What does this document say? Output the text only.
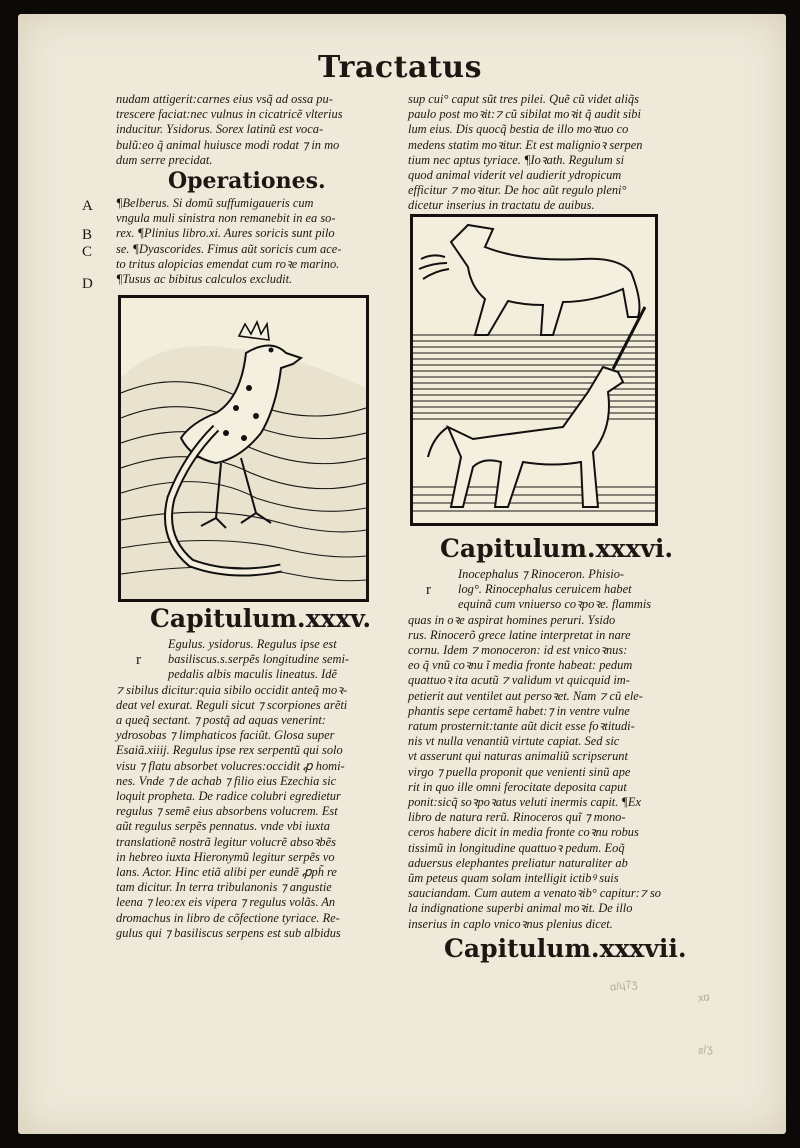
Tractatus

nudam attigerit:carnes eius vsq̃ ad ossa pu-

trescere faciat:nec vulnus in cicatricẽ vlterius

inducitur. Ysidorus. Sorex latinũ est voca-

bulũ:eo q̃ animal huiusce modi rodat ⁊ in mo

dum serre precidat.

Operationes.
A
B
C
D

¶Belberus. Si domũ suffumigaueris cum

vngula muli sinistra non remanebit in ea so-

rex. ¶Plinius libro.xi. Aures soricis sunt pilo

se. ¶Dyascorides. Fimus aũt soricis cum ace-

to tritus alopicias emendat cum roꝛe marino.

¶Tusus ac bibitus calculos excludit.

Capitulum.xxxv.
r

Egulus. ysidorus. Regulus ipse est

basiliscus.s.serpẽs longitudine semi-

pedalis albis maculis lineatus. Idẽ

⁊ sibilus dicitur:quia sibilo occidit anteq̃ moꝛ-

deat vel exurat. Reguli sicut ⁊ scorpiones arẽti

a queq̃ sectant. ⁊ postq̃ ad aquas venerint:

ydrosobas ⁊ limphaticos faciũt. Glosa super

Esaiã.xiiij. Regulus ipse rex serpentũ qui solo

visu ⁊ flatu absorbet volucres:occidit ꝓ homi-

nes. Vnde ⁊ de achab ⁊ filio eius Ezechia sic

loquit propheta. De radice colubri egredietur

regulus ⁊ semẽ eius absorbens volucrem. Est

aũt regulus serpẽs pennatus. vnde vbi iuxta

translationẽ nostrã legitur volucrẽ absoꝛbẽs

in hebreo iuxta Hieronymũ legitur serpẽs vo

lans. Actor. Hinc etiã alibi per eundẽ ꝓph̃ re

tam dicitur. In terra tribulanonis ⁊ angustie

leena ⁊ leo:ex eis vipera ⁊ regulus volãs. An

dromachus in libro de cõfectione tyriace. Re-

gulus qui ⁊ basiliscus serpens est sub albidus

sup cui° caput sũt tres pilei. Quẽ cũ videt aliq̃s

paulo post moꝛit:⁊ cũ sibilat moꝛit q̃ audit sibi

lum eius. Dis quocq̃ bestia de illo moꝛtuo co

medens statim moꝛitur. Et est malignioꝛ serpen

tium nec aptus tyriace. ¶Ioꝛath. Regulum si

quod animal viderit vel audierit ydropicum

efficitur ⁊ moꝛitur. De hoc aũt regulo pleni°

dicetur inserius in tractatu de auibus.

Capitulum.xxxvi.
r

Inocephalus ⁊ Rinoceron. Phisio-

log°. Rinocephalus ceruicem habet

equinã cum vniuerso coꝛpoꝛe. flammis

quas in oꝛe aspirat homines peruri. Ysido

rus. Rinocerõ grece latine interpretat in nare

cornu. Idem ⁊ monoceron: id est vnicoꝛnus:

eo q̃ vnũ coꝛnu ĩ media fronte habeat: pedum

quattuoꝛ ita acutũ ⁊ validum vt quicquid im-

petierit aut ventilet aut persoꝛet. Nam ⁊ cũ ele-

phantis sepe certamẽ habet:⁊ in ventre vulne

ratum prosternit:tante aũt dicit esse foꝛtitudi-

nis vt nulla venantiũ virtute capiat. Sed sic

vt asserunt qui naturas animaliũ scripserunt

virgo ⁊ puella proponit que venienti sinũ ape

rit in quo ille omni ferocitate deposita caput

ponit:sicq̃ soꝛpoꝛatus veluti inermis capit. ¶Ex

libro de natura rerũ. Rinoceros quĩ ⁊ mono-

ceros habere dicit in media fronte coꝛnu robus

tissimũ in longitudine quattuoꝛ pedum. Eoq̃

aduersus elephantes preliatur naturaliter ab

ũm peteus quam solam intelligit ictibꝰ suis

sauciandam. Cum autem a venatoꝛib° capitur:⁊ so

la indignatione superbi animal moꝛit. De illo

inserius in caplo vnicoꝛnus plenius dicet.

Capitulum.xxxvii.
ɑ/ɥ7ʒ
xɑ
ƨ/ʒ
